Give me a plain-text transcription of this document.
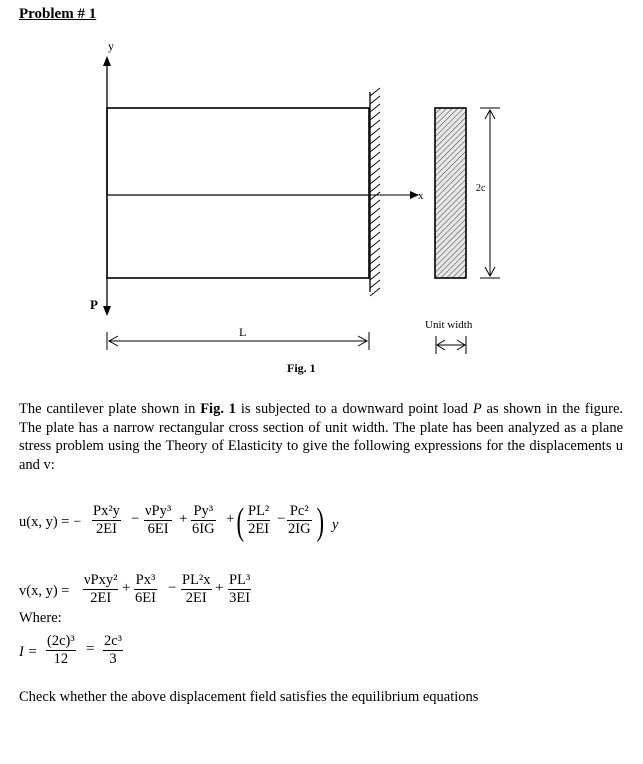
Problem # 1
y
x
P
L
2c
Unit width
Fig. 1
The cantilever plate shown in Fig. 1 is subjected to a downward point load P as shown in the figure. The plate has a narrow rectangular cross section of unit width. The plate has been analyzed as a plane stress problem using the Theory of Elasticity to give the following expressions for the displacements u and v:
u(x, y) = − $\frac{\text{Px²y}}{2EI} - \nu Py^3$
6EI
+ $\frac{\text{Py³}}{6IG}$ + ( $\frac{\text{PL²}}{2EI} - \frac{\text{Pc²}}{2IG}$ ) y
v(x, y) =
νPxy²
2EI
+ $\frac{\text{Px³}}{6EI} - \frac{\text{PL²x}}{2EI} + \frac{\text{PL³}}{3EI}$
Where:
$I = \frac{\text{(2c)³}}{12} = \frac{\text{2c³}}{3}$
Check whether the above displacement field satisfies the equilibrium equations
